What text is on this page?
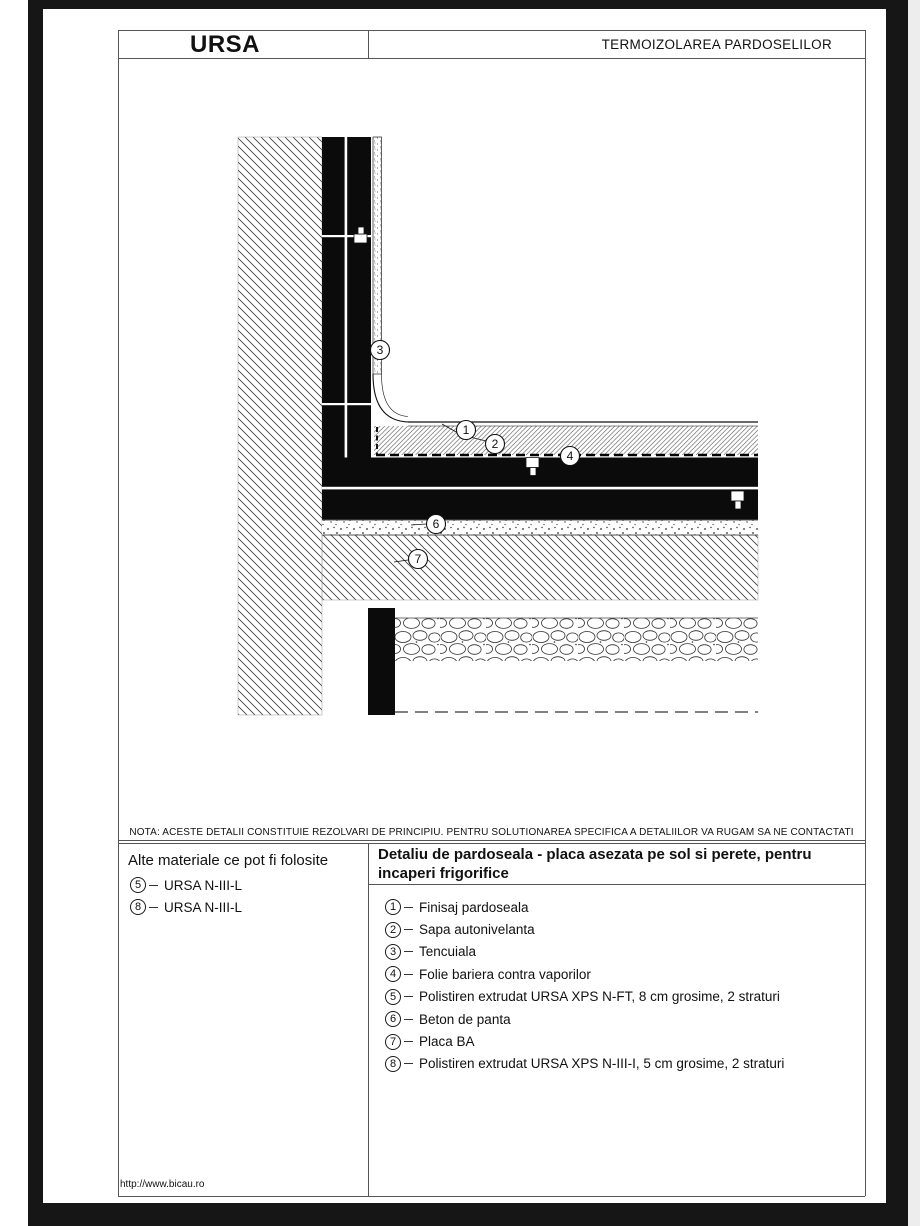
URSA	TERMOIZOLAREA PARDOSELILOR
3
1
2
4
6
7
NOTA: ACESTE DETALII CONSTITUIE REZOLVARI DE PRINCIPIU. PENTRU SOLUTIONAREA SPECIFICA A DETALIILOR VA RUGAM SA NE CONTACTATI
Alte materiale ce pot fi folosite
5	URSA N-III-L
8	URSA N-III-L
Detaliu de pardoseala - placa asezata pe sol si perete, pentru
incaperi frigorifice
1	Finisaj pardoseala
2	Sapa autonivelanta
3	Tencuiala
4	Folie bariera contra vaporilor
5	Polistiren extrudat URSA XPS N-FT, 8 cm grosime, 2 straturi
6	Beton de panta
7	Placa BA
8	Polistiren extrudat URSA XPS N-III-I, 5 cm grosime, 2 straturi
http://www.bicau.ro
